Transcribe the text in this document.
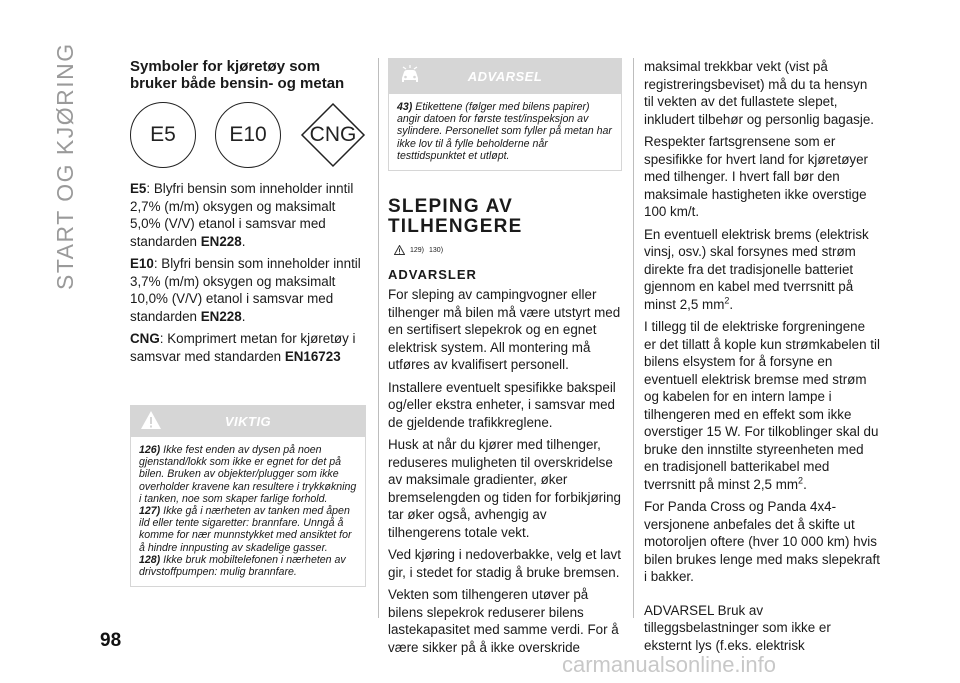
START OG KJØRING
98
carmanualsonline.info
Symboler for kjøretøy som bruker både bensin- og metan
E5	E10 CNG

E5: Blyfri bensin som inneholder inntil 2,7% (m/m) oksygen og maksimalt 5,0% (V/V) etanol i samsvar med standarden EN228.

E10: Blyfri bensin som inneholder inntil 3,7% (m/m) oksygen og maksimalt 10,0% (V/V) etanol i samsvar med standarden EN228.

CNG: Komprimert metan for kjøretøy i samsvar med standarden EN16723

VIKTIG

126) Ikke fest enden av dysen på noen gjenstand/lokk som ikke er egnet for det på bilen. Bruken av objekter/plugger som ikke overholder kravene kan resultere i trykkøkning i tanken, noe som skaper farlige forhold.

127) Ikke gå i nærheten av tanken med åpen ild eller tente sigaretter: brannfare. Unngå å komme for nær munnstykket med ansiktet for å hindre innpusting av skadelige gasser.

128) Ikke bruk mobiltelefonen i nærheten av drivstoffpumpen: mulig brannfare.

ADVARSEL

43) Etikettene (følger med bilens papirer) angir datoen for første test/inspeksjon av sylindere. Personellet som fyller på metan har ikke lov til å fylle beholderne når testtidspunktet et utløpt.

SLEPING AV TILHENGERE
129) 130)
ADVARSLER

For sleping av campingvogner eller tilhenger må bilen må være utstyrt med en sertifisert slepekrok og en egnet elektrisk system. All montering må utføres av kvalifisert personell.

Installere eventuelt spesifikke bakspeil og/eller ekstra enheter, i samsvar med de gjeldende trafikkreglene.

Husk at når du kjører med tilhenger, reduseres muligheten til overskridelse av maksimale gradienter, øker bremselengden og tiden for forbikjøring tar øker også, avhengig av tilhengerens totale vekt.

Ved kjøring i nedoverbakke, velg et lavt gir, i stedet for stadig å bruke bremsen.

Vekten som tilhengeren utøver på bilens slepekrok reduserer bilens lastekapasitet med samme verdi. For å være sikker på å ikke overskride

maksimal trekkbar vekt (vist på registreringsbeviset) må du ta hensyn til vekten av det fullastete slepet, inkludert tilbehør og personlig bagasje.

Respekter fartsgrensene som er spesifikke for hvert land for kjøretøyer med tilhenger. I hvert fall bør den maksimale hastigheten ikke overstige 100 km/t.

En eventuell elektrisk brems (elektrisk vinsj, osv.) skal forsynes med strøm direkte fra det tradisjonelle batteriet gjennom en kabel med tverrsnitt på minst 2,5 $mm^2$.

I tillegg til de elektriske forgreningene er det tillatt å kople kun strømkabelen til bilens elsystem for å forsyne en eventuell elektrisk bremse med strøm og kabelen for en intern lampe i tilhengeren med en effekt som ikke overstiger 15 W. For tilkoblinger skal du bruke den innstilte styreenheten med en tradisjonell batterikabel med tverrsnitt på minst 2,5 $mm^2$.

For Panda Cross og Panda 4x4-versjonene anbefales det å skifte ut motoroljen oftere (hver 10 000 km) hvis bilen brukes lenge med maks slepekraft i bakker.

ADVARSEL Bruk av tilleggsbelastninger som ikke er eksternt lys (f.eks. elektrisk
